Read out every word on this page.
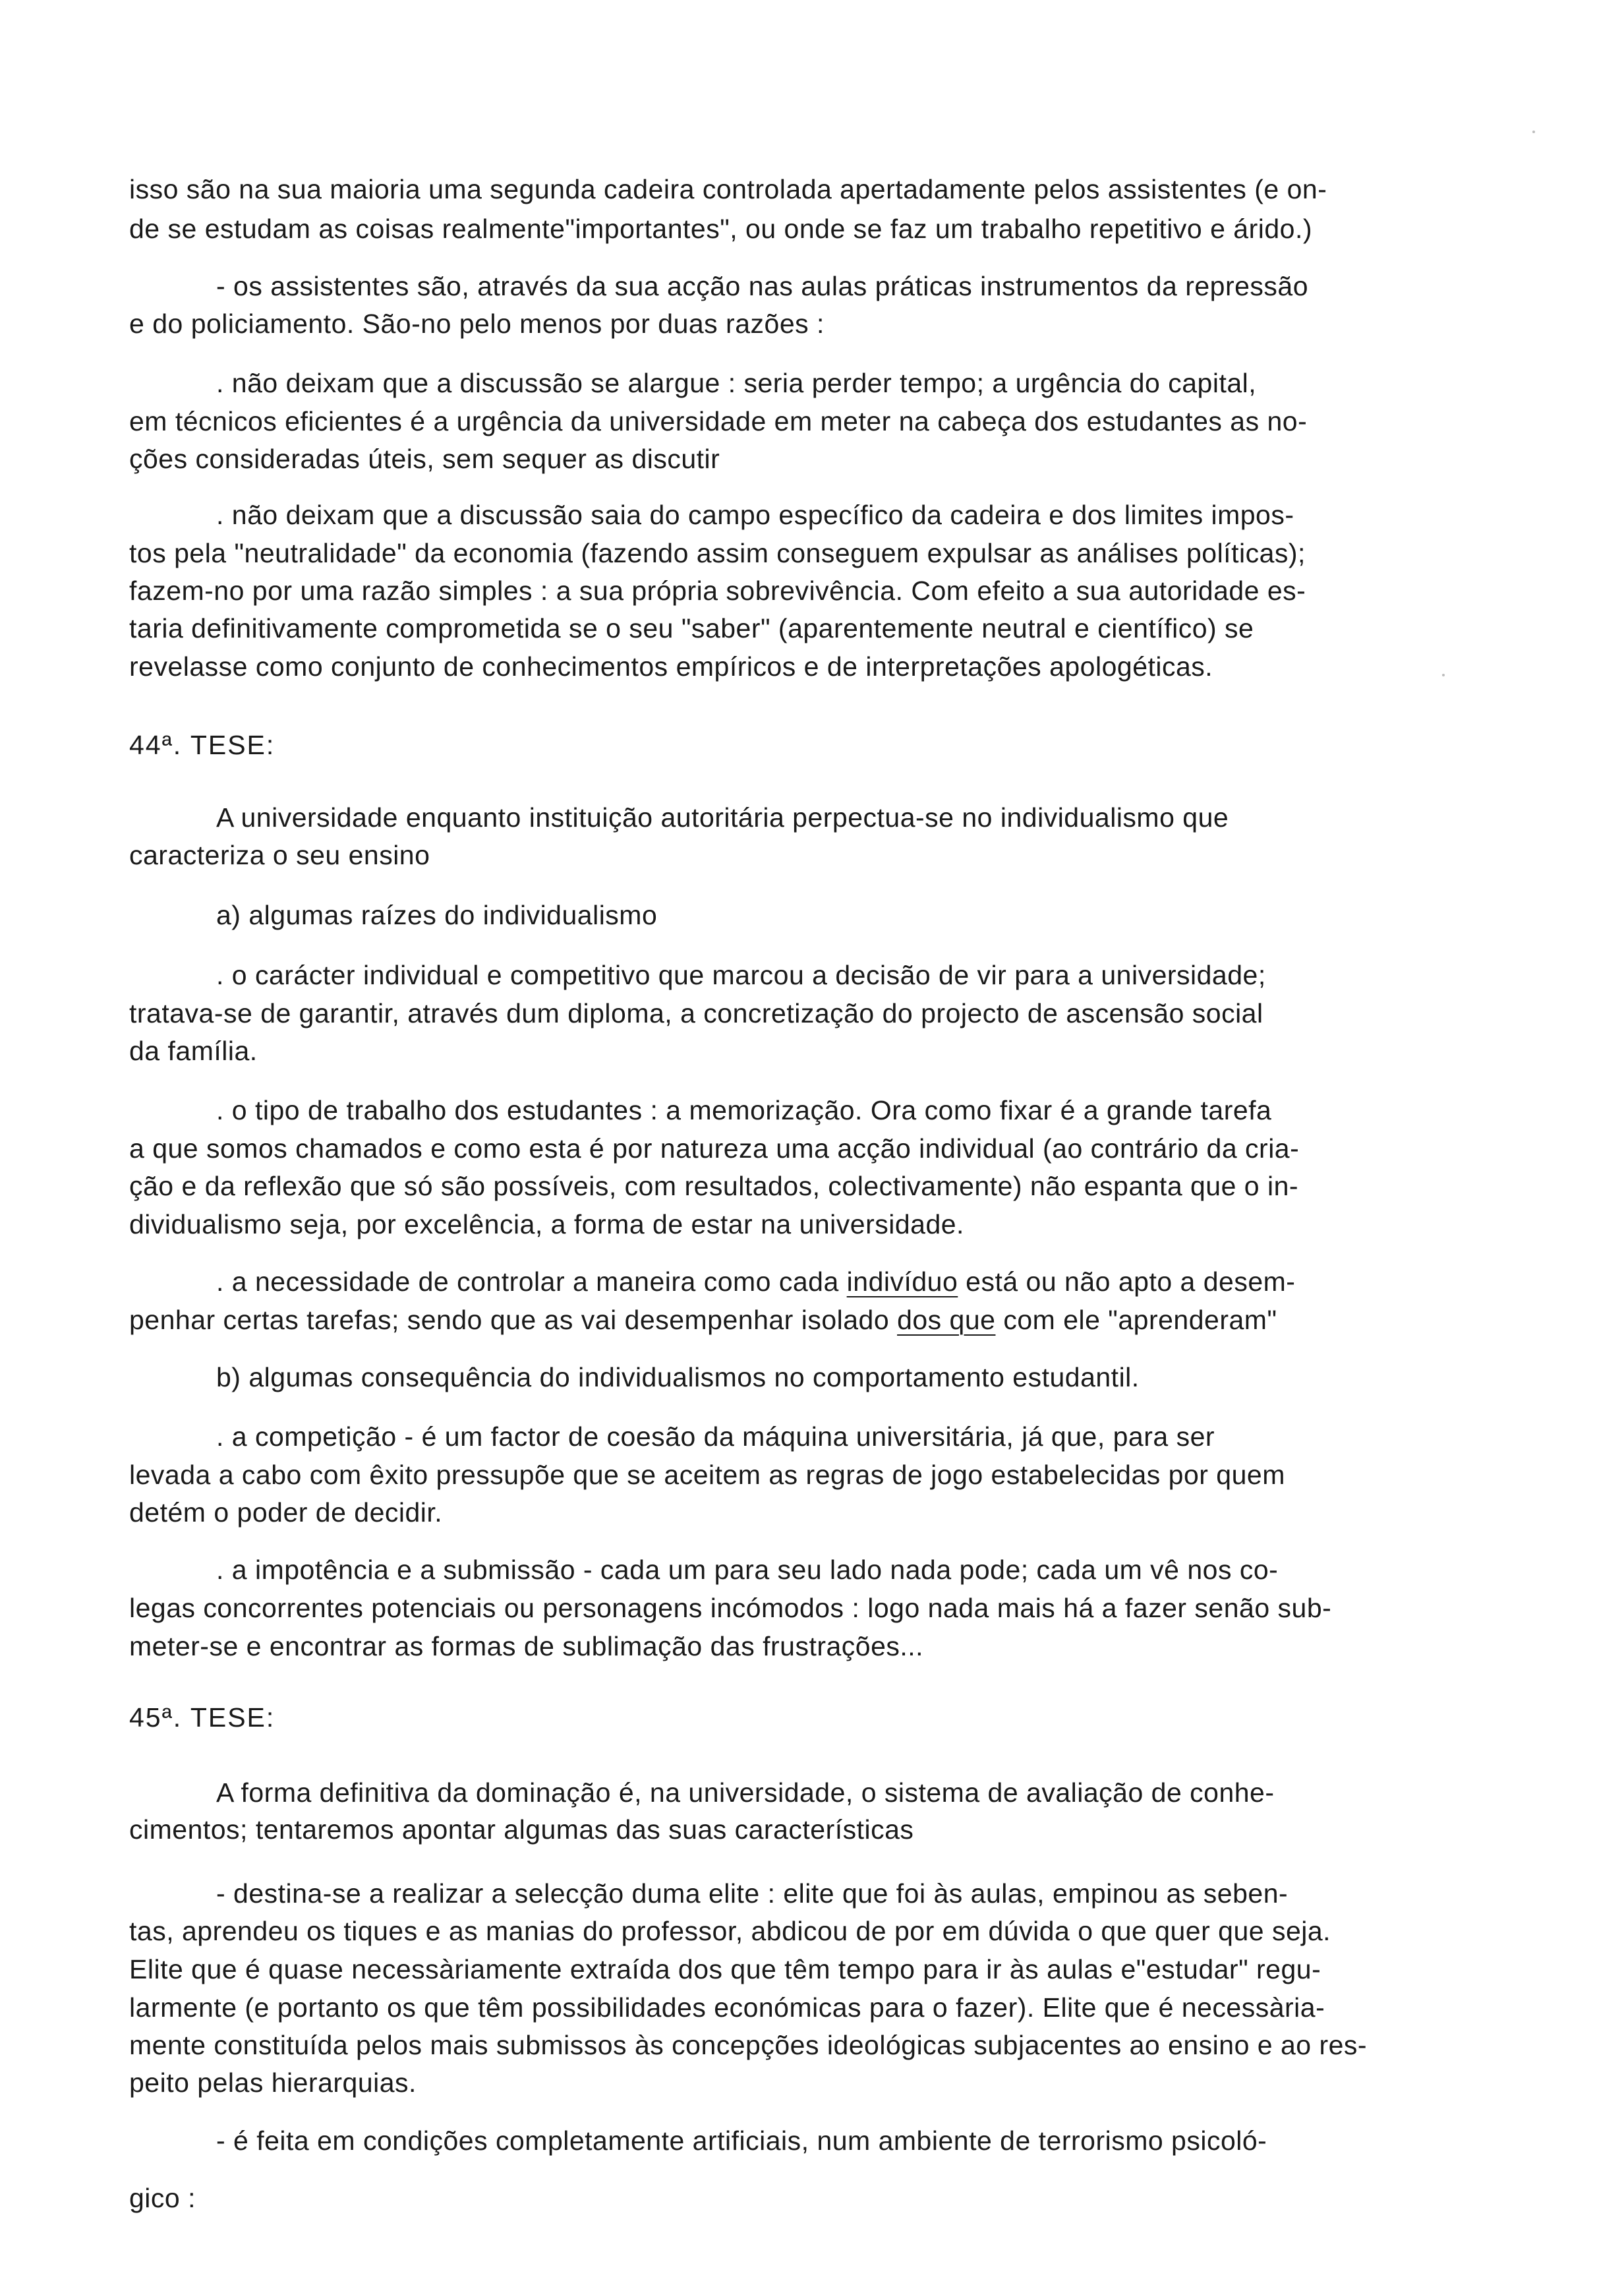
isso são na sua maioria uma segunda cadeira controlada apertadamente pelos assistentes (e on-

de se estudam as coisas realmente"importantes", ou onde se faz um trabalho repetitivo e árido.)

- os assistentes são, através da sua acção nas aulas práticas instrumentos da repressão

e do policiamento. São-no pelo menos por duas razões :

. não deixam que a discussão se alargue : seria perder tempo; a urgência do capital,

em técnicos eficientes é a urgência da universidade em meter na cabeça dos estudantes as no-

ções consideradas úteis, sem sequer as discutir

. não deixam que a discussão saia do campo específico da cadeira e dos limites impos-

tos pela "neutralidade" da economia (fazendo assim conseguem expulsar as análises políticas);

fazem-no por uma razão simples : a sua própria sobrevivência. Com efeito a sua autoridade es-

taria definitivamente comprometida se o seu "saber" (aparentemente neutral e científico) se

revelasse como conjunto de conhecimentos empíricos e de interpretações apologéticas.

44ª. TESE:

A universidade enquanto instituição autoritária perpectua-se no individualismo que

caracteriza o seu ensino

a) algumas raízes do individualismo

. o carácter individual e competitivo que marcou a decisão de vir para a universidade;

tratava-se de garantir, através dum diploma, a concretização do projecto de ascensão social

da família.

. o tipo de trabalho dos estudantes : a memorização. Ora como fixar é a grande tarefa

a que somos chamados e como esta é por natureza uma acção individual (ao contrário da cria-

ção e da reflexão que só são possíveis, com resultados, colectivamente) não espanta que o in-

dividualismo seja, por excelência, a forma de estar na universidade.

. a necessidade de controlar a maneira como cada indivíduo está ou não apto a desem-

penhar certas tarefas; sendo que as vai desempenhar isolado dos que com ele "aprenderam"

b) algumas consequência do individualismos no comportamento estudantil.

. a competição - é um factor de coesão da máquina universitária, já que, para ser

levada a cabo com êxito pressupõe que se aceitem as regras de jogo estabelecidas por quem

detém o poder de decidir.

. a impotência e a submissão - cada um para seu lado nada pode; cada um vê nos co-

legas concorrentes potenciais ou personagens incómodos : logo nada mais há a fazer senão sub-

meter-se e encontrar as formas de sublimação das frustrações...

45ª. TESE:

A forma definitiva da dominação é, na universidade, o sistema de avaliação de conhe-

cimentos; tentaremos apontar algumas das suas características

- destina-se a realizar a selecção duma elite : elite que foi às aulas, empinou as seben-

tas, aprendeu os tiques e as manias do professor, abdicou de por em dúvida o que quer que seja.

Elite que é quase necessàriamente extraída dos que têm tempo para ir às aulas e"estudar" regu-

larmente (e portanto os que têm possibilidades económicas para o fazer). Elite que é necessària-

mente constituída pelos mais submissos às concepções ideológicas subjacentes ao ensino e ao res-

peito pelas hierarquias.

- é feita em condições completamente artificiais, num ambiente de terrorismo psicoló-

gico :
